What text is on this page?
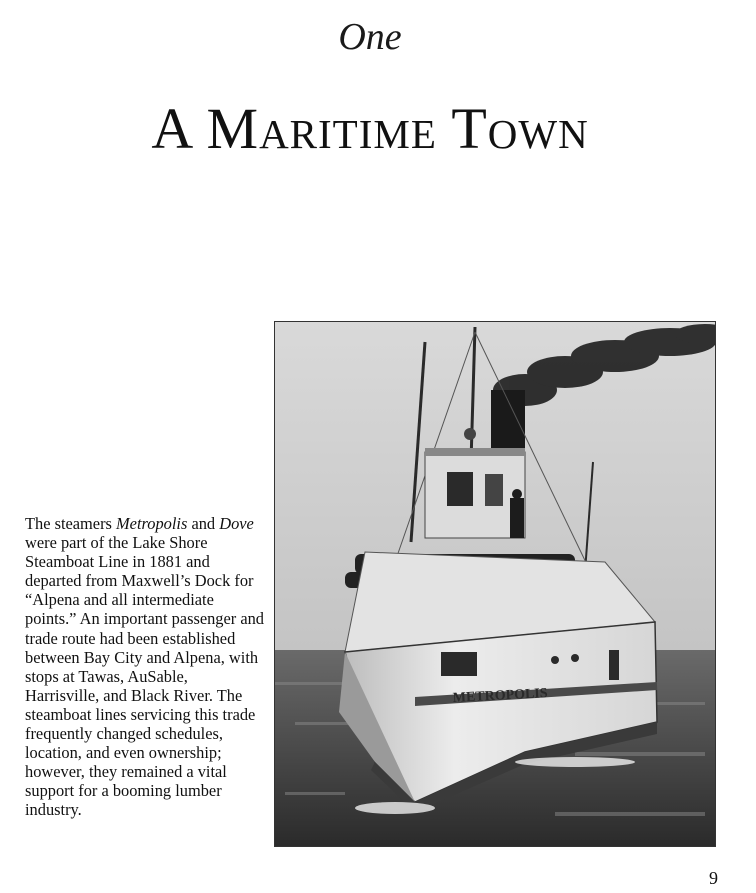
One
A Maritime Town

The steamers Metropolis and Dove were part of the Lake Shore Steamboat Line in 1881 and departed from Maxwell’s Dock for “Alpena and all intermediate points.” An important passenger and trade route had been established between Bay City and Alpena, with stops at Tawas, AuSable, Harrisville, and Black River. The steamboat lines servicing this trade frequently changed schedules, location, and even ownership; however, they remained a vital support for a booming lumber industry.

METROPOLIS
9
